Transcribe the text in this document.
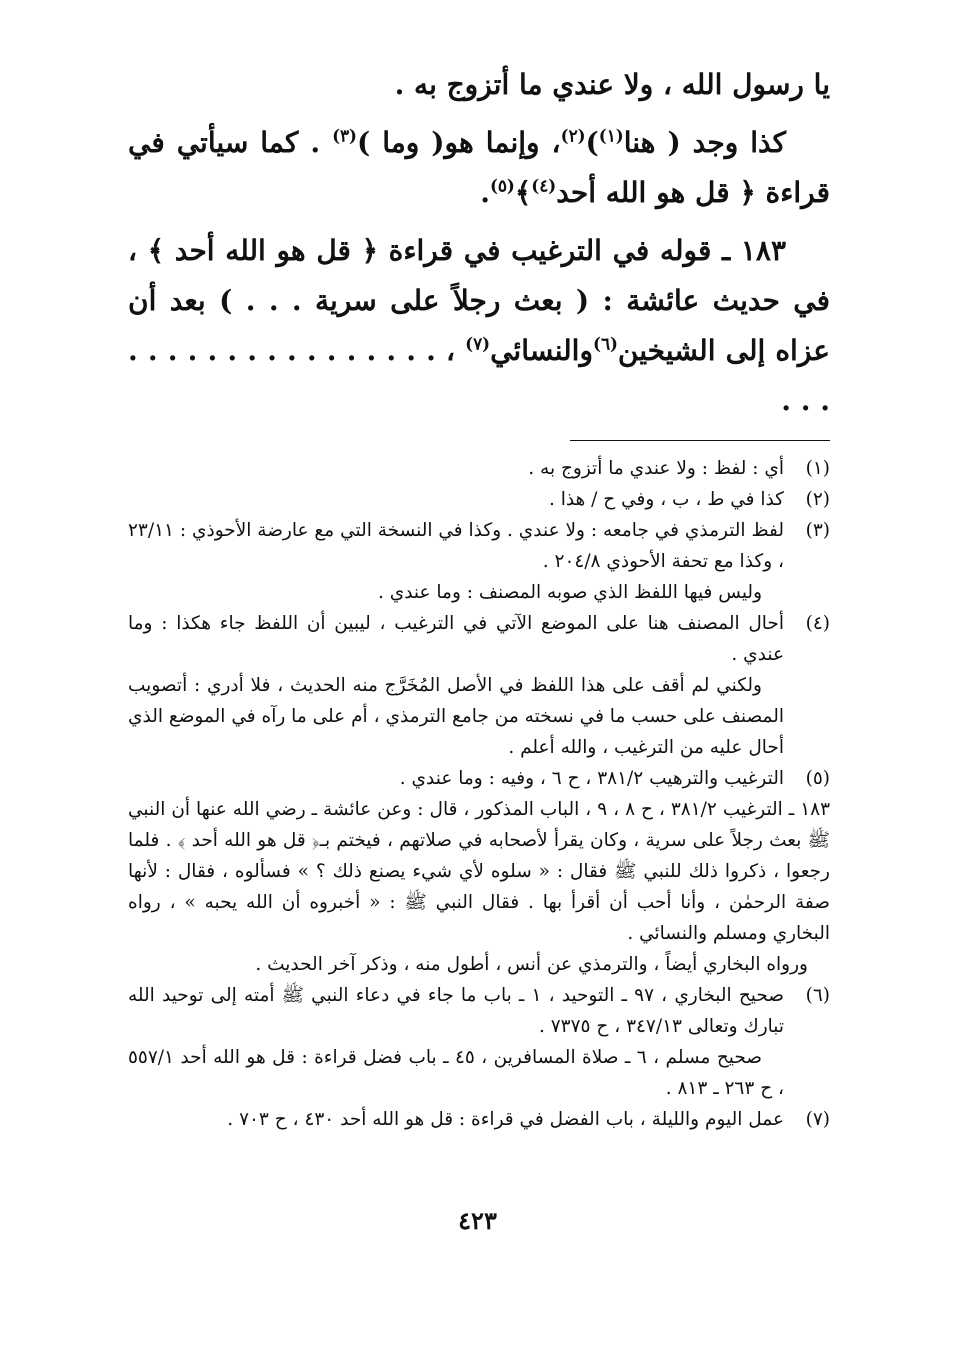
يا رسول الله ، ولا عندي ما أتزوج به .

كذا وجد ( هنا$^{(١)}$)$^{(٢)}$، وإنما هو( وما )$^{(٣)}$ . كما سيأتي في قراءة ﴿ قل هو الله أحد$^{(٤)}$﴾$^{(٥)}$.

١٨٣ ـ قوله في الترغيب في قراءة ﴿ قل هو الله أحد ﴾ ، في حديث عائشة : ( بعث رجلاً على سرية . . . ) بعد أن عزاه إلى الشيخين$^{(٦)}$والنسائي$^{(٧)}$ ، . . . . . . . . . . . . . . . . . . .

(١)

أي : لفظ : ولا عندي ما أتزوج به .

(٢)

كذا في ط ، ب ، وفي ح / هذا .

(٣)

لفظ الترمذي في جامعه : ولا عندي . وكذا في النسخة التي مع عارضة الأحوذي : ٢٣/١١ ، وكذا مع تحفة الأحوذي ٢٠٤/٨ .

وليس فيها اللفظ الذي صوبه المصنف : وما عندي .

(٤)

أحال المصنف هنا على الموضع الآتي في الترغيب ، ليبين أن اللفظ جاء هكذا : وما عندي .

ولكني لم أقف على هذا اللفظ في الأصل المُخَرَّج منه الحديث ، فلا أدري : أتصويب المصنف على حسب ما في نسخته من جامع الترمذي ، أم على ما رآه في الموضع الذي أحال عليه من الترغيب ، والله أعلم .

(٥)

الترغيب والترهيب ٣٨١/٢ ، ح ٦ ، وفيه : وما عندي .

١٨٣ ـ الترغيب ٣٨١/٢ ، ح ٨ ، ٩ ، الباب المذكور ، قال : وعن عائشة ـ رضي الله عنها أن النبي ﷺ بعث رجلاً على سرية ، وكان يقرأ لأصحابه في صلاتهم ، فيختم بـ﴿ قل هو الله أحد ﴾ . فلما رجعوا ، ذكروا ذلك للنبي ﷺ فقال : « سلوه لأي شيء يصنع ذلك ؟ » فسألوه ، فقال : لأنها صفة الرحمٰن ، وأنا أحب أن أقرأ بها . فقال النبي ﷺ : « أخبروه أن الله يحبه » ، رواه البخاري ومسلم والنسائي .

ورواه البخاري أيضاً ، والترمذي عن أنس ، أطول منه ، وذكر آخر الحديث .

(٦)

صحيح البخاري ، ٩٧ ـ التوحيد ، ١ ـ باب ما جاء في دعاء النبي ﷺ أمته إلى توحيد الله تبارك وتعالى ٣٤٧/١٣ ، ح ٧٣٧٥ .

صحيح مسلم ، ٦ ـ صلاة المسافرين ، ٤٥ ـ باب فضل قراءة : قل هو الله أحد ٥٥٧/١ ، ح ٢٦٣ ـ ٨١٣ .

(٧)

عمل اليوم والليلة ، باب الفضل في قراءة : قل هو الله أحد ٤٣٠ ، ح ٧٠٣ .

٤٢٣
